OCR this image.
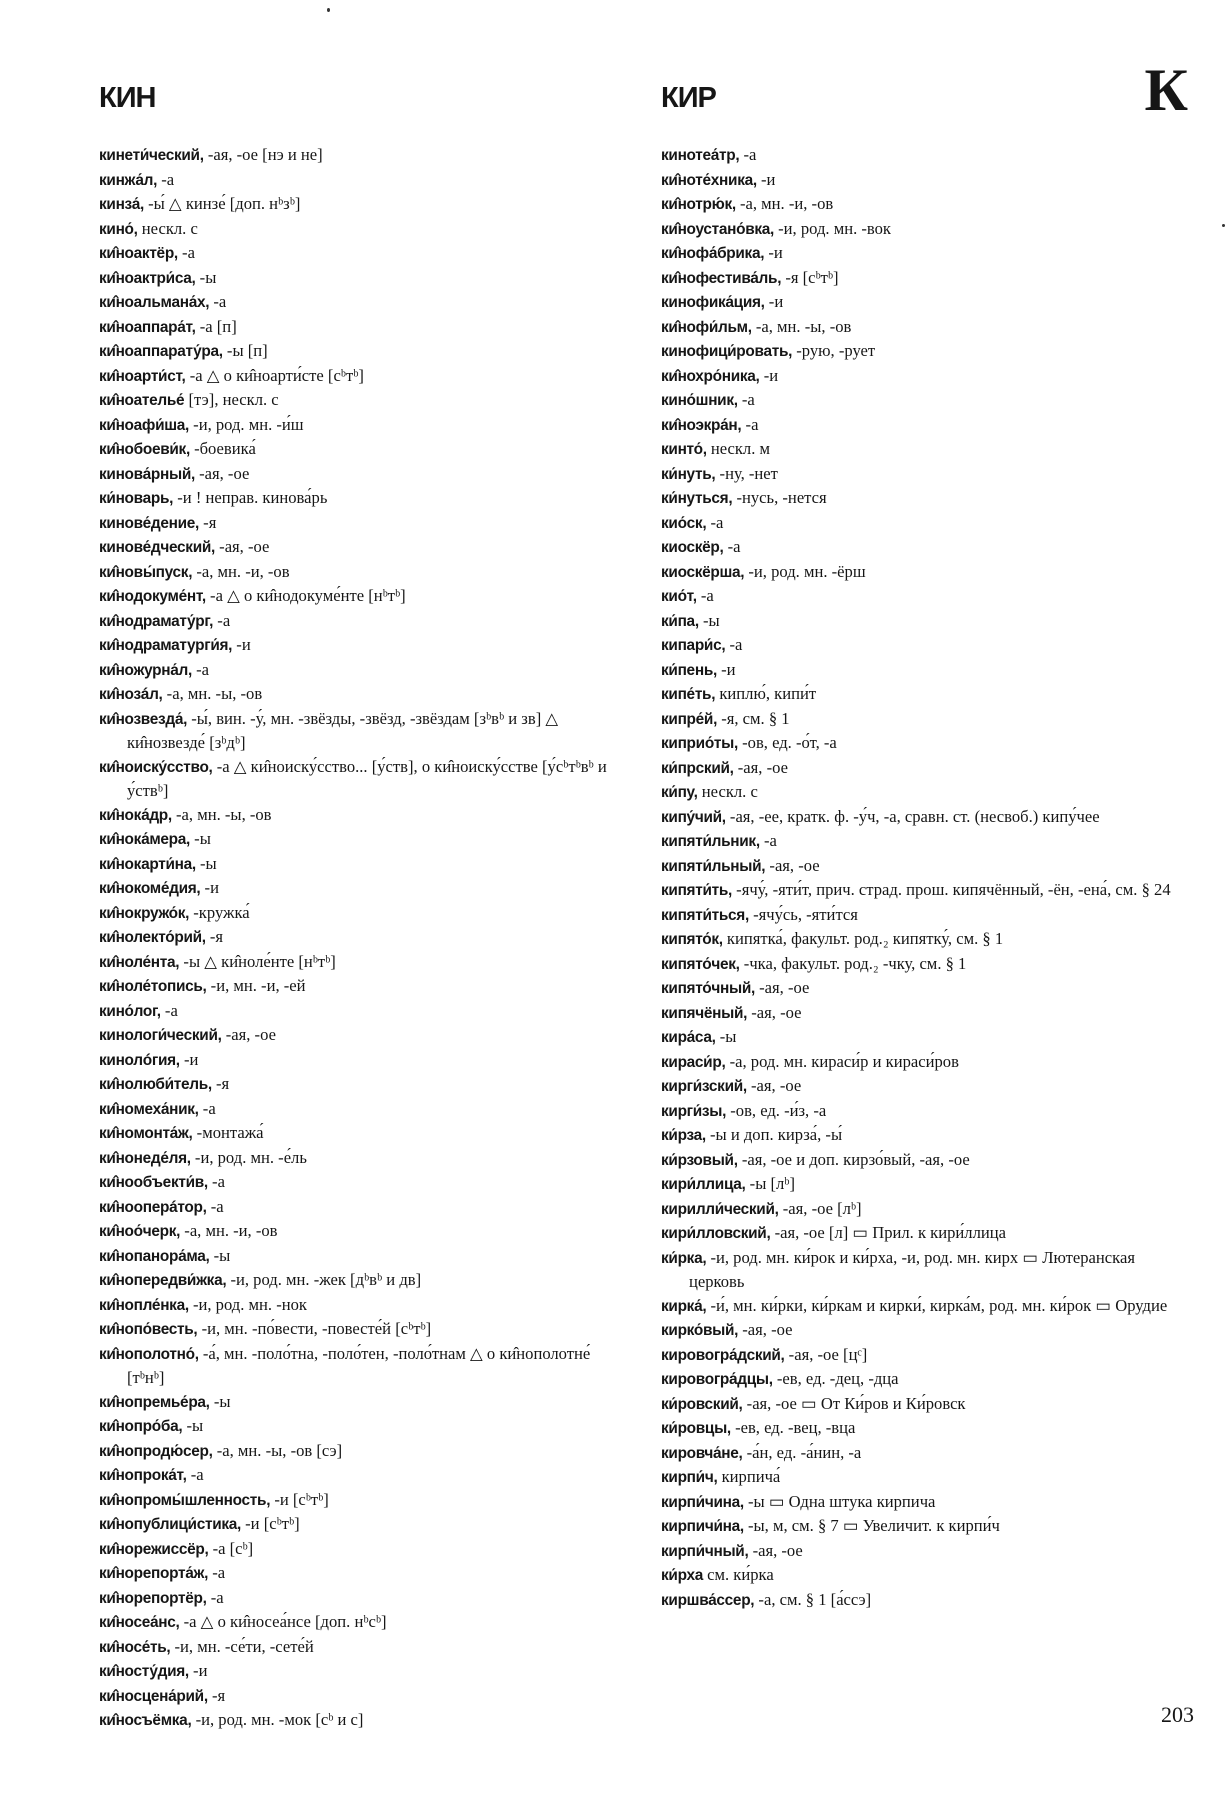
КИН	КИР	К
кинети́ческий, -ая, -ое [нэ и не]
кинжа́л, -а
кинза́, -ы́ △ кинзе́ [доп. нᵇзᵇ]
кино́, нескл. с
ки̂ноактёр, -а
ки̂ноактри́са, -ы
ки̂ноальмана́х, -а
ки̂ноаппара́т, -а [п]
ки̂ноаппарату́ра, -ы [п]
ки̂ноарти́ст, -а △ о ки̂ноарти́сте [сᵇтᵇ]
ки̂ноателье́ [тэ], нескл. с
ки̂ноафи́ша, -и, род. мн. -и́ш
ки̂нобоеви́к, -боевика́
кинова́рный, -ая, -ое
ки́новарь, -и ! неправ. кинова́рь
кинове́дение, -я
кинове́дческий, -ая, -ое
ки̂новы́пуск, -а, мн. -и, -ов
ки̂нодокуме́нт, -а △ о ки̂нодокуме́нте [нᵇтᵇ]
ки̂нодрамату́рг, -а
ки̂нодраматурги́я, -и
ки̂ножурна́л, -а
ки̂нозáл, -а, мн. -ы, -ов
ки̂нозвезда́, -ы́, вин. -у́, мн. -звёзды, -звёзд, -звёздам [зᵇвᵇ и зв] △ ки̂нозвезде́ [зᵇдᵇ]
ки̂ноиску́сство, -а △ ки̂ноиску́сство... [у́ств], о ки̂ноиску́сстве [у́сᵇтᵇвᵇ и у́ствᵇ]
ки̂нока́др, -а, мн. -ы, -ов
ки̂нока́мера, -ы
ки̂нокарти́на, -ы
ки̂нокоме́дия, -и
ки̂нокружо́к, -кружка́
ки̂нолекто́рий, -я
ки̂ноле́нта, -ы △ ки̂ноле́нте [нᵇтᵇ]
ки̂ноле́топись, -и, мн. -и, -ей
кино́лог, -а
кинологи́ческий, -ая, -ое
кинолóгия, -и
ки̂нолюби́тель, -я
ки̂номеха́ник, -а
ки̂номонта́ж, -монтажа́
ки̂нонеде́ля, -и, род. мн. -е́ль
ки̂нообъекти́в, -а
ки̂нооперáтор, -а
ки̂ноо́черк, -а, мн. -и, -ов
ки̂нопанора́ма, -ы
ки̂нопередви́жка, -и, род. мн. -жек [дᵇвᵇ и дв]
ки̂нопле́нка, -и, род. мн. -нок
ки̂нопо́весть, -и, мн. -по́вести, -повесте́й [сᵇтᵇ]
ки̂нополотно́, -а́, мн. -поло́тна, -поло́тен, -поло́тнам △ о ки̂нополотне́ [тᵇнᵇ]
ки̂нопремье́ра, -ы
ки̂нопро́ба, -ы
ки̂нопродю́сер, -а, мн. -ы, -ов [сэ]
ки̂нопрока́т, -а
ки̂нопромы́шленность, -и [сᵇтᵇ]
ки̂нопублици́стика, -и [сᵇтᵇ]
ки̂норежиссёр, -а [сᵇ]
ки̂норепорта́ж, -а
ки̂норепортёр, -а
ки̂носеа́нс, -а △ о ки̂носеа́нсе [доп. нᵇсᵇ]
ки̂носе́ть, -и, мн. -се́ти, -сете́й
ки̂носту́дия, -и
ки̂носцена́рий, -я
ки̂носъёмка, -и, род. мн. -мок [сᵇ и с]
кинотеа́тр, -а
ки̂ноте́хника, -и
ки̂нотрю́к, -а, мн. -и, -ов
ки̂ноустано́вка, -и, род. мн. -вок
ки̂нофа́брика, -и
ки̂нофестива́ль, -я [сᵇтᵇ]
кинофика́ция, -и
ки̂нофи́льм, -а, мн. -ы, -ов
кинофици́ровать, -рую, -рует
ки̂нохро́ника, -и
кино́шник, -а
ки̂ноэкра́н, -а
кинто́, нескл. м
ки́нуть, -ну, -нет
ки́нуться, -нусь, -нется
кио́ск, -а
киоскёр, -а
киоскёрша, -и, род. мн. -ёрш
кио́т, -а
ки́па, -ы
кипари́с, -а
ки́пень, -и
кипе́ть, киплю́, кипи́т
кипре́й, -я, см. § 1
киприо́ты, -ов, ед. -о́т, -а
ки́прский, -ая, -ое
ки́пу, нескл. с
кипу́чий, -ая, -ее, кратк. ф. -у́ч, -а, сравн. ст. (несвоб.) кипу́чее
кипяти́льник, -а
кипяти́льный, -ая, -ое
кипяти́ть, -ячу́, -яти́т, прич. страд. прош. кипячённый, -ён, -ена́, см. § 24
кипяти́ться, -ячу́сь, -яти́тся
кипято́к, кипятка́, факульт. род.₂ кипятку́, см. § 1
кипято́чек, -чка, факульт. род.₂ -чку, см. § 1
кипято́чный, -ая, -ое
кипячёный, -ая, -ое
кира́са, -ы
кираси́р, -а, род. мн. кираси́р и кираси́ров
кирги́зский, -ая, -ое
кирги́зы, -ов, ед. -и́з, -а
ки́рза, -ы и доп. кирза́, -ы́
ки́рзовый, -ая, -ое и доп. кирзо́вый, -ая, -ое
кири́ллица, -ы [лᵇ]
кирилли́ческий, -ая, -ое [лᵇ]
кири́лловский, -ая, -ое [л] ▭ Прил. к кири́ллица
ки́рка, -и, род. мн. ки́рок и ки́рха, -и, род. мн. кирх ▭ Лютеранская церковь
кирка́, -и́, мн. ки́рки, ки́ркам и кирки́, кирка́м, род. мн. ки́рок ▭ Орудие
кирко́вый, -ая, -ое
кировогра́дский, -ая, -ое [цᶜ]
кировогра́дцы, -ев, ед. -дец, -дца
ки́ровский, -ая, -ое ▭ От Ки́ров и Ки́ровск
ки́ровцы, -ев, ед. -вец, -вца
кировча́не, -а́н, ед. -а́нин, -а
кирпи́ч, кирпича́
кирпи́чина, -ы ▭ Одна штука кирпича
кирпичи́на, -ы, м, см. § 7 ▭ Увеличит. к кирпи́ч
кирпи́чный, -ая, -ое
ки́рха см. ки́рка
киршва́ссер, -а, см. § 1 [а́ссэ]
203
